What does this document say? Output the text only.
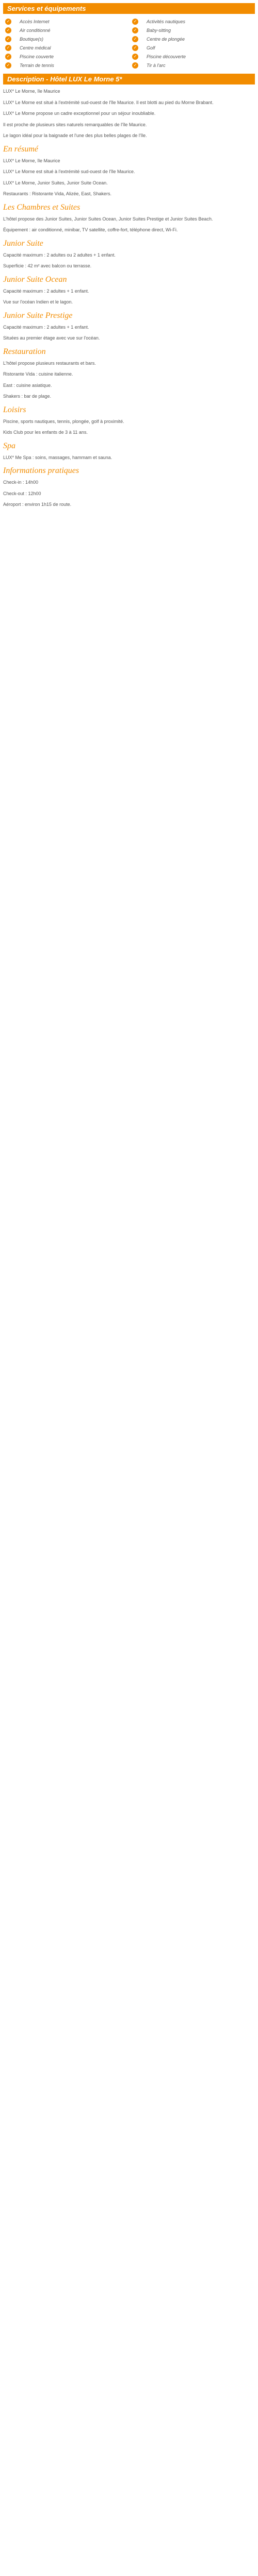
Services et équipements
✓ Accès Internet	✓ Activités nautiques
✓ Air conditionné	✓ Baby-sitting
✓ Boutique(s)	✓ Centre de plongée
✓ Centre médical	✓ Golf
✓ Piscine couverte	✓ Piscine découverte
✓ Terrain de tennis	✓ Tir à l'arc
Description - Hôtel LUX Le Morne 5*

LUX* Le Morne, île Maurice

LUX* Le Morne est situé à l'extrémité sud-ouest de l'île Maurice. Il est blotti au pied du Morne Brabant.

LUX* Le Morne propose un cadre exceptionnel pour un séjour inoubliable.

Il est proche de plusieurs sites naturels remarquables de l'île Maurice.

Le lagon idéal pour la baignade et l'une des plus belles plages de l'île.

En résumé

LUX* Le Morne, île Maurice

LUX* Le Morne est situé à l'extrémité sud-ouest de l'île Maurice.

LUX* Le Morne, Junior Suites, Junior Suite Ocean.

Restaurants : Ristorante Vida, Alizée, East, Shakers.

Les Chambres et Suites

L'hôtel propose des Junior Suites, Junior Suites Ocean, Junior Suites Prestige et Junior Suites Beach.

Équipement : air conditionné, minibar, TV satellite, coffre-fort, téléphone direct, Wi-Fi.

Junior Suite

Capacité maximum : 2 adultes ou 2 adultes + 1 enfant.

Superficie : 42 m² avec balcon ou terrasse.

Junior Suite Ocean

Capacité maximum : 2 adultes + 1 enfant.

Vue sur l'océan Indien et le lagon.

Junior Suite Prestige

Capacité maximum : 2 adultes + 1 enfant.

Situées au premier étage avec vue sur l'océan.

Restauration

L'hôtel propose plusieurs restaurants et bars.

Ristorante Vida : cuisine italienne.

East : cuisine asiatique.

Shakers : bar de plage.

Loisirs

Piscine, sports nautiques, tennis, plongée, golf à proximité.

Kids Club pour les enfants de 3 à 11 ans.

Spa

LUX* Me Spa : soins, massages, hammam et sauna.

Informations pratiques

Check-in : 14h00

Check-out : 12h00

Aéroport : environ 1h15 de route.
